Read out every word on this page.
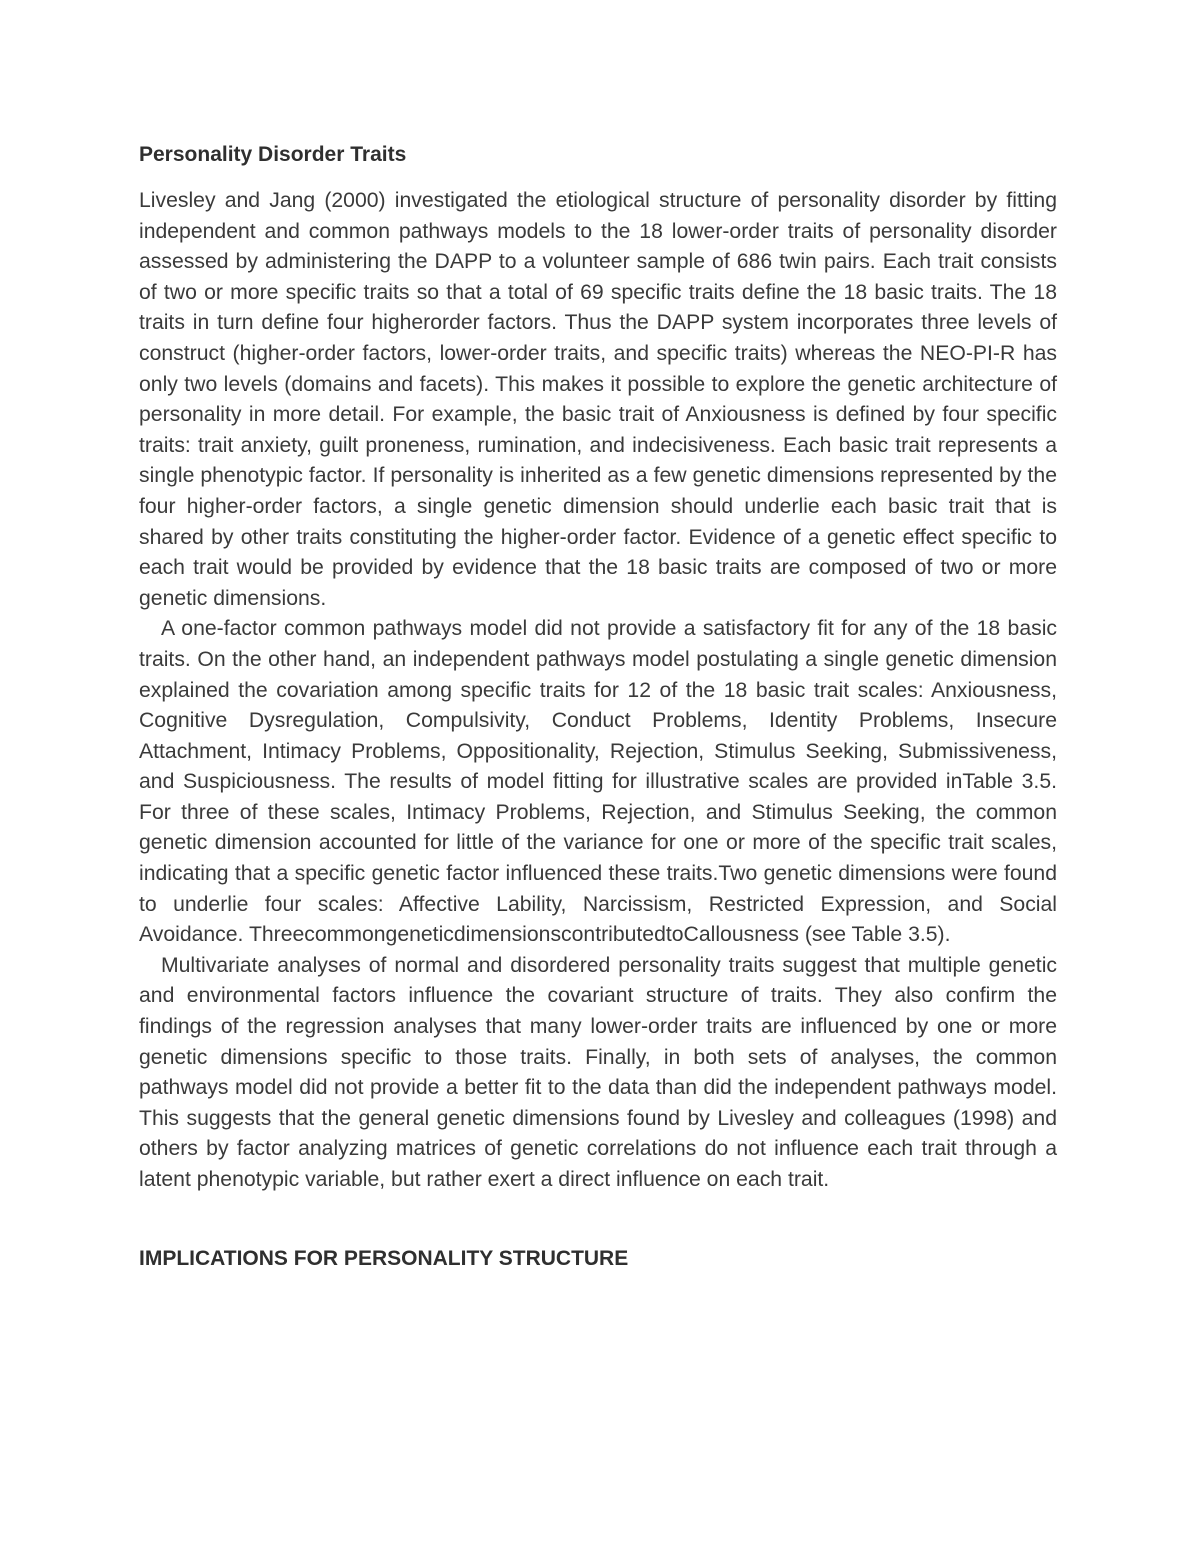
Personality Disorder Traits

Livesley and Jang (2000) investigated the etiological structure of personality disorder by fitting independent and common pathways models to the 18 lower-order traits of personality disorder assessed by administering the DAPP to a volunteer sample of 686 twin pairs. Each trait consists of two or more specific traits so that a total of 69 specific traits define the 18 basic traits. The 18 traits in turn define four higherorder factors. Thus the DAPP system incorporates three levels of construct (higher-order factors, lower-order traits, and specific traits) whereas the NEO-PI-R has only two levels (domains and facets). This makes it possible to explore the genetic architecture of personality in more detail. For example, the basic trait of Anxiousness is defined by four specific traits: trait anxiety, guilt proneness, rumination, and indecisiveness. Each basic trait represents a single phenotypic factor. If personality is inherited as a few genetic dimensions represented by the four higher-order factors, a single genetic dimension should underlie each basic trait that is shared by other traits constituting the higher-order factor. Evidence of a genetic effect specific to each trait would be provided by evidence that the 18 basic traits are composed of two or more genetic dimensions.

A one-factor common pathways model did not provide a satisfactory fit for any of the 18 basic traits. On the other hand, an independent pathways model postulating a single genetic dimension explained the covariation among specific traits for 12 of the 18 basic trait scales: Anxiousness, Cognitive Dysregulation, Compulsivity, Conduct Problems, Identity Problems, Insecure Attachment, Intimacy Problems, Oppositionality, Rejection, Stimulus Seeking, Submissiveness, and Suspiciousness. The results of model fitting for illustrative scales are provided inTable 3.5. For three of these scales, Intimacy Problems, Rejection, and Stimulus Seeking, the common genetic dimension accounted for little of the variance for one or more of the specific trait scales, indicating that a specific genetic factor influenced these traits.Two genetic dimensions were found to underlie four scales: Affective Lability, Narcissism, Restricted Expression, and Social Avoidance. ThreecommongeneticdimensionscontributedtoCallousness (see Table 3.5).

Multivariate analyses of normal and disordered personality traits suggest that multiple genetic and environmental factors influence the covariant structure of traits. They also confirm the findings of the regression analyses that many lower-order traits are influenced by one or more genetic dimensions specific to those traits. Finally, in both sets of analyses, the common pathways model did not provide a better fit to the data than did the independent pathways model. This suggests that the general genetic dimensions found by Livesley and colleagues (1998) and others by factor analyzing matrices of genetic correlations do not influence each trait through a latent phenotypic variable, but rather exert a direct influence on each trait.

IMPLICATIONS FOR PERSONALITY STRUCTURE
